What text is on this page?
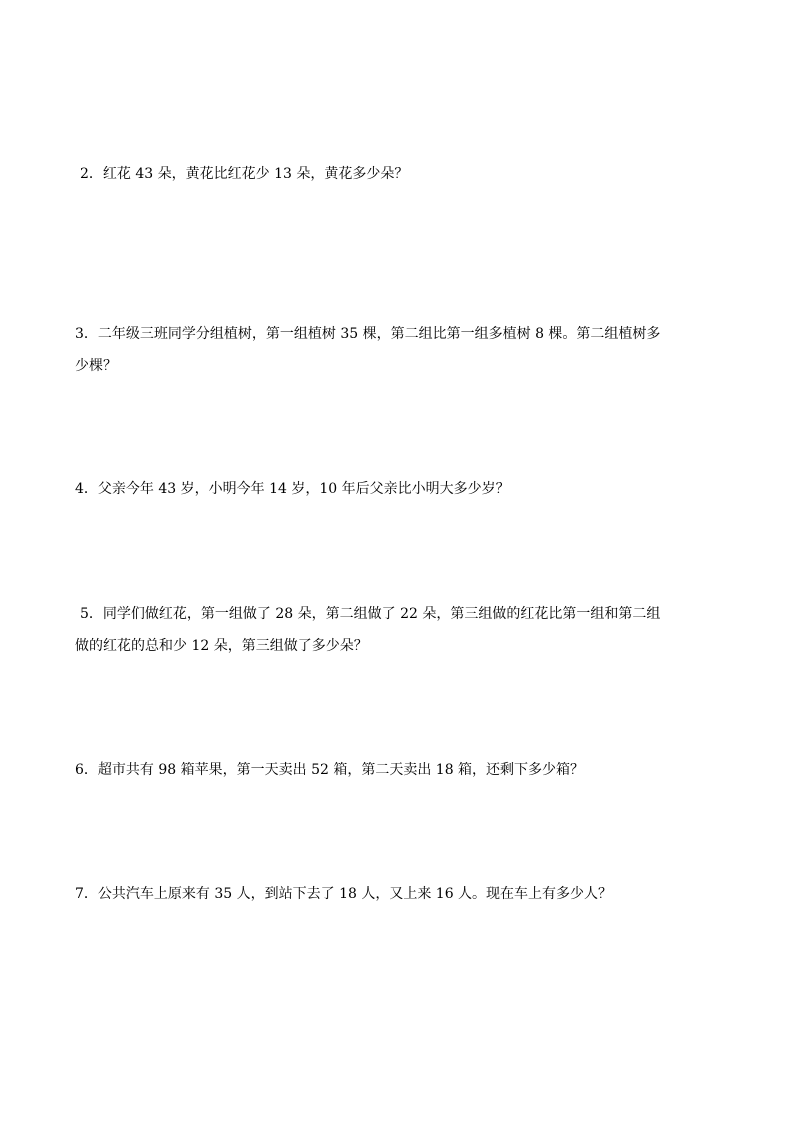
2．红花 43 朵，黄花比红花少 13 朵，黄花多少朵？
3．二年级三班同学分组植树，第一组植树 35 棵，第二组比第一组多植树 8 棵。第二组植树多
少棵？
4．父亲今年 43 岁，小明今年 14 岁，10 年后父亲比小明大多少岁？
5．同学们做红花，第一组做了 28 朵，第二组做了 22 朵，第三组做的红花比第一组和第二组
做的红花的总和少 12 朵，第三组做了多少朵？
6．超市共有 98 箱苹果，第一天卖出 52 箱，第二天卖出 18 箱，还剩下多少箱？
7．公共汽车上原来有 35 人，到站下去了 18 人，又上来 16 人。现在车上有多少人？
